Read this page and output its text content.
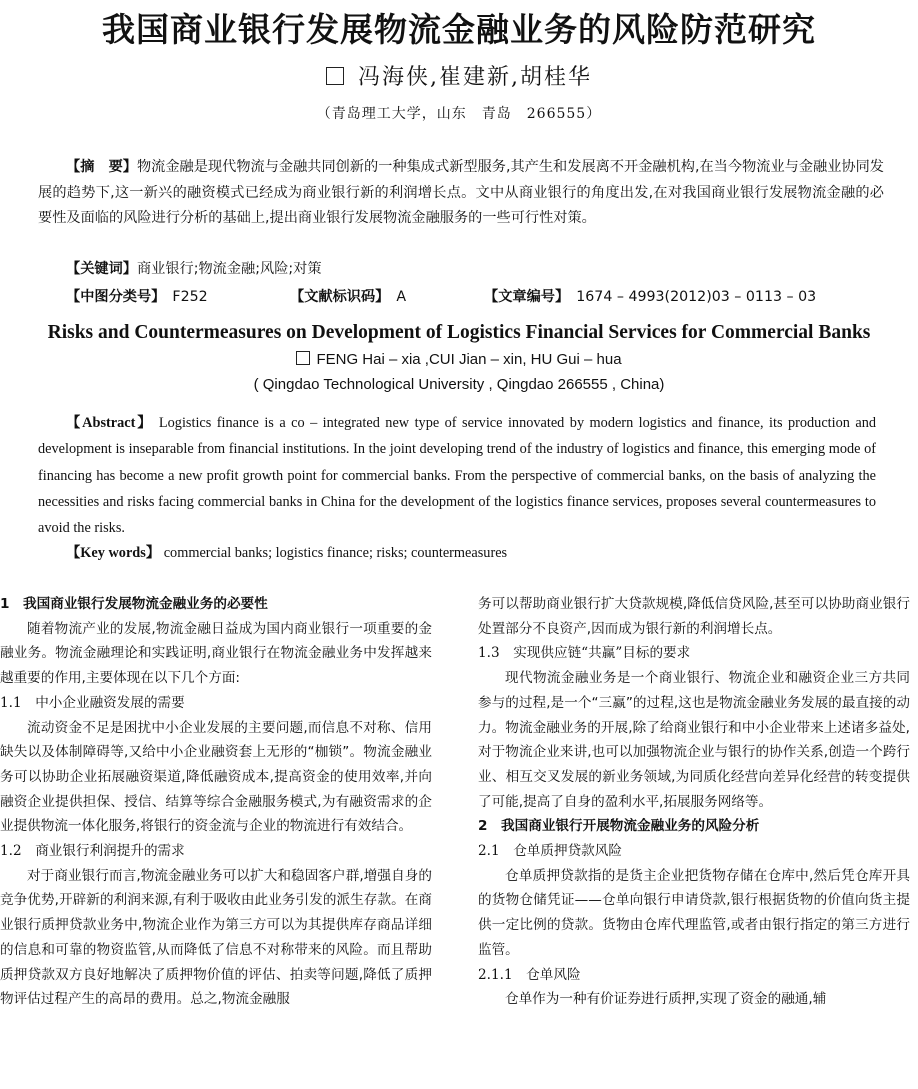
我国商业银行发展物流金融业务的风险防范研究
冯海侠,崔建新,胡桂华
（青岛理工大学，山东　青岛　266555）

【摘　要】物流金融是现代物流与金融共同创新的一种集成式新型服务,其产生和发展离不开金融机构,在当今物流业与金融业协同发展的趋势下,这一新兴的融资模式已经成为商业银行新的利润增长点。文中从商业银行的角度出发,在对我国商业银行发展物流金融的必要性及面临的风险进行分析的基础上,提出商业银行发展物流金融服务的一些可行性对策。

【关键词】商业银行;物流金融;风险;对策
【中图分类号】　 F252	【文献标识码】　 A	【文章编号】　 1674 – 4993(2012)03 – 0113 – 03
Risks and Countermeasures on Development of Logistics Financial Services for Commercial Banks
FENG Hai – xia ,CUI Jian – xin, HU Gui – hua
( Qingdao Technological University , Qingdao 266555 , China)

【Abstract】 Logistics finance is a co – integrated new type of service innovated by modern logistics and finance, its production and development is inseparable from financial institutions. In the joint developing trend of the industry of logistics and finance, this emerging mode of financing has become a new profit growth point for commercial banks. From the perspective of commercial banks, on the basis of analyzing the necessities and risks facing commercial banks in China for the development of the logistics finance services, proposes several countermeasures to avoid the risks.

【Key words】 commercial banks; logistics finance; risks; countermeasures

1　我国商业银行发展物流金融业务的必要性

随着物流产业的发展,物流金融日益成为国内商业银行一项重要的金融业务。物流金融理论和实践证明,商业银行在物流金融业务中发挥越来越重要的作用,主要体现在以下几个方面:

1.1　中小企业融资发展的需要

流动资金不足是困扰中小企业发展的主要问题,而信息不对称、信用缺失以及体制障碍等,又给中小企业融资套上无形的“枷锁”。物流金融业务可以协助企业拓展融资渠道,降低融资成本,提高资金的使用效率,并向融资企业提供担保、授信、结算等综合金融服务模式,为有融资需求的企业提供物流一体化服务,将银行的资金流与企业的物流进行有效结合。

1.2　商业银行利润提升的需求

对于商业银行而言,物流金融业务可以扩大和稳固客户群,增强自身的竞争优势,开辟新的利润来源,有利于吸收由此业务引发的派生存款。在商业银行质押贷款业务中,物流企业作为第三方可以为其提供库存商品详细的信息和可靠的物资监管,从而降低了信息不对称带来的风险。而且帮助质押贷款双方良好地解决了质押物价值的评估、拍卖等问题,降低了质押物评估过程产生的高昂的费用。总之,物流金融服

务可以帮助商业银行扩大贷款规模,降低信贷风险,甚至可以协助商业银行处置部分不良资产,因而成为银行新的利润增长点。

1.3　实现供应链“共赢”目标的要求

现代物流金融业务是一个商业银行、物流企业和融资企业三方共同参与的过程,是一个“三赢”的过程,这也是物流金融业务发展的最直接的动力。物流金融业务的开展,除了给商业银行和中小企业带来上述诸多益处,对于物流企业来讲,也可以加强物流企业与银行的协作关系,创造一个跨行业、相互交叉发展的新业务领域,为同质化经营向差异化经营的转变提供了可能,提高了自身的盈利水平,拓展服务网络等。

2　我国商业银行开展物流金融业务的风险分析

2.1　仓单质押贷款风险

仓单质押贷款指的是货主企业把货物存储在仓库中,然后凭仓库开具的货物仓储凭证——仓单向银行申请贷款,银行根据货物的价值向货主提供一定比例的贷款。货物由仓库代理监管,或者由银行指定的第三方进行监管。

2.1.1　仓单风险

仓单作为一种有价证券进行质押,实现了资金的融通,辅
